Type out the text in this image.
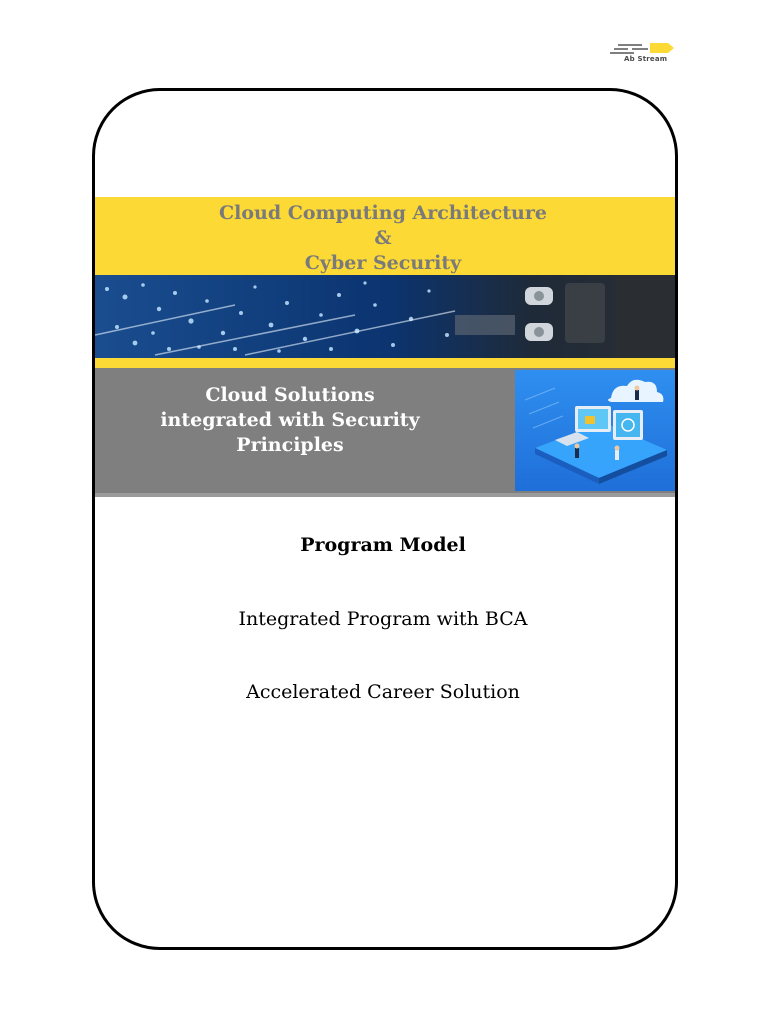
Ab Stream
Cloud Computing Architecture
&
Cyber Security
Cloud Solutions
integrated with Security
Principles
Program Model
Integrated Program with BCA
Accelerated Career Solution
